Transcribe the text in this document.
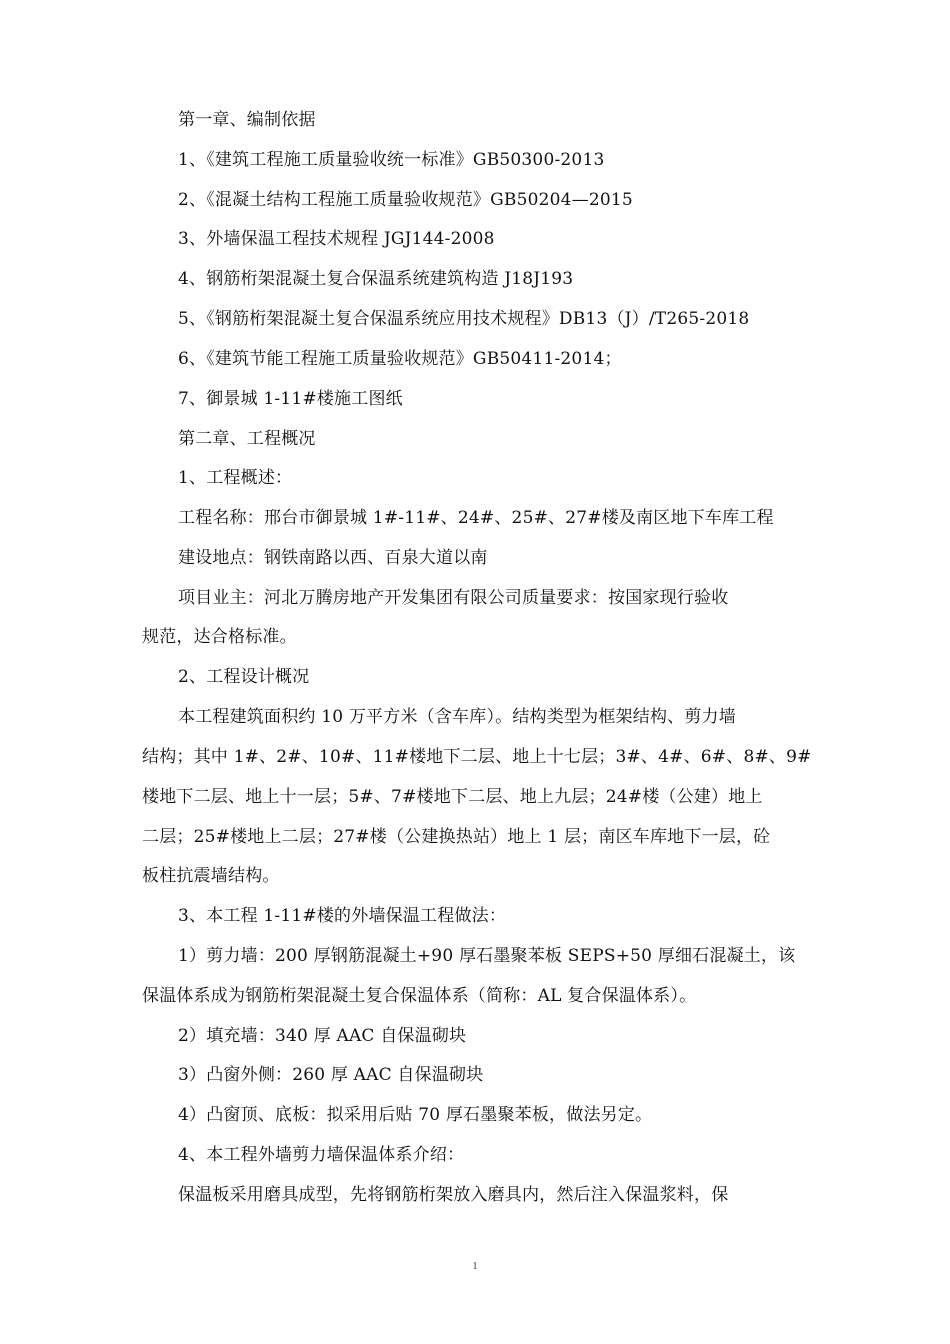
第一章、编制依据
1、《建筑工程施工质量验收统一标准》GB50300-2013
2、《混凝土结构工程施工质量验收规范》GB50204—2015
3、外墙保温工程技术规程 JGJ144-2008
4、钢筋桁架混凝土复合保温系统建筑构造 J18J193
5、《钢筋桁架混凝土复合保温系统应用技术规程》DB13（J）/T265-2018
6、《建筑节能工程施工质量验收规范》GB50411-2014；
7、御景城 1-11#楼施工图纸
第二章、工程概况
1、工程概述：
工程名称：邢台市御景城 1#-11#、24#、25#、27#楼及南区地下车库工程
建设地点：钢铁南路以西、百泉大道以南
项目业主：河北万腾房地产开发集团有限公司质量要求：按国家现行验收
规范，达合格标准。
2、工程设计概况
本工程建筑面积约 10 万平方米（含车库）。结构类型为框架结构、剪力墙
结构；其中 1#、2#、10#、11#楼地下二层、地上十七层；3#、4#、6#、8#、9#
楼地下二层、地上十一层；5#、7#楼地下二层、地上九层；24#楼（公建）地上
二层；25#楼地上二层；27#楼（公建换热站）地上 1 层；南区车库地下一层，砼
板柱抗震墙结构。
3、本工程 1-11#楼的外墙保温工程做法：
1）剪力墙：200 厚钢筋混凝土+90 厚石墨聚苯板 SEPS+50 厚细石混凝土，该
保温体系成为钢筋桁架混凝土复合保温体系（简称：AL 复合保温体系）。
2）填充墙：340 厚 AAC 自保温砌块
3）凸窗外侧：260 厚 AAC 自保温砌块
4）凸窗顶、底板：拟采用后贴 70 厚石墨聚苯板，做法另定。
4、本工程外墙剪力墙保温体系介绍：
保温板采用磨具成型，先将钢筋桁架放入磨具内，然后注入保温浆料，保
1
